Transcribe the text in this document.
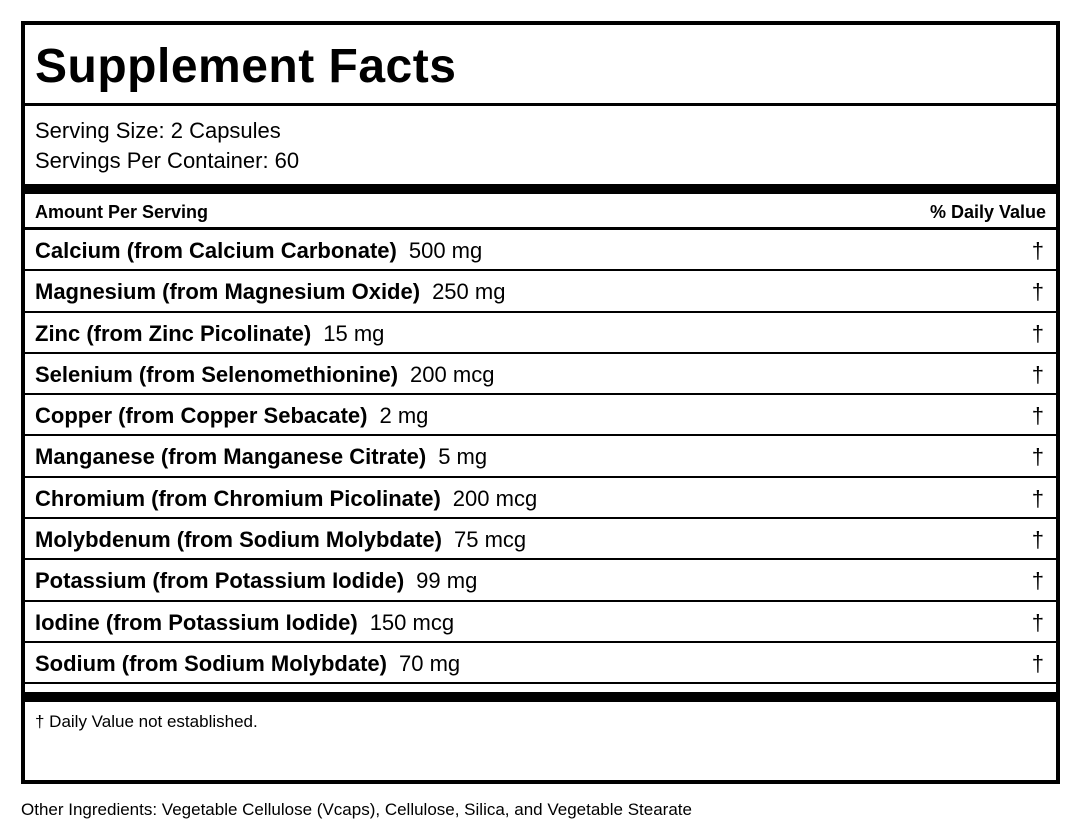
Supplement Facts
Serving Size: 2 Capsules
Servings Per Container: 60
Amount Per Serving	% Daily Value
Calcium (from Calcium Carbonate) 500 mg	†
Magnesium (from Magnesium Oxide) 250 mg	†
Zinc (from Zinc Picolinate) 15 mg	†
Selenium (from Selenomethionine) 200 mcg	†
Copper (from Copper Sebacate) 2 mg	†
Manganese (from Manganese Citrate) 5 mg	†
Chromium (from Chromium Picolinate) 200 mcg	†
Molybdenum (from Sodium Molybdate) 75 mcg	†
Potassium (from Potassium Iodide) 99 mg	†
Iodine (from Potassium Iodide) 150 mcg	†
Sodium (from Sodium Molybdate) 70 mg	†
† Daily Value not established.
Other Ingredients: Vegetable Cellulose (Vcaps), Cellulose, Silica, and Vegetable Stearate
